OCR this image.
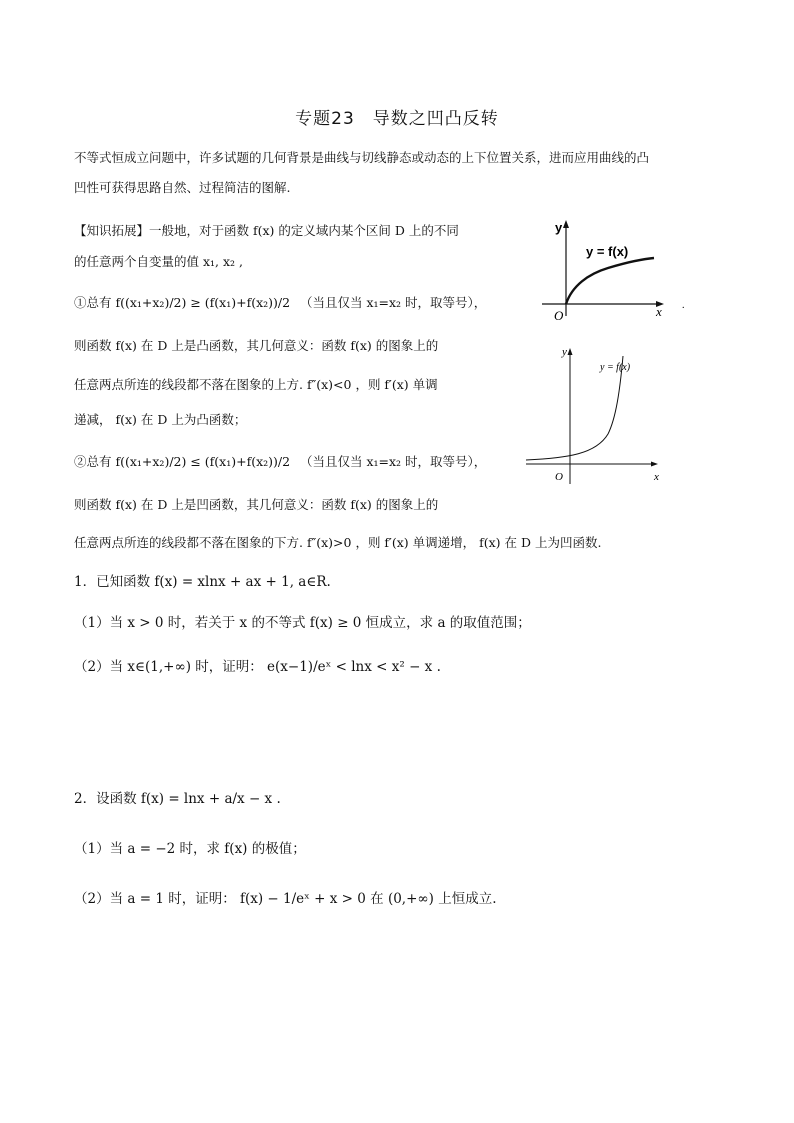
专题23　导数之凹凸反转
不等式恒成立问题中，许多试题的几何背景是曲线与切线静态或动态的上下位置关系，进而应用曲线的凸
凹性可获得思路自然、过程简洁的图解.
【知识拓展】一般地，对于函数 f(x) 的定义域内某个区间 D 上的不同
的任意两个自变量的值 x₁, x₂ ,
①总有 f((x₁+x₂)/2) ≥ (f(x₁)+f(x₂))/2 （当且仅当 x₁=x₂ 时，取等号），
则函数 f(x) 在 D 上是凸函数，其几何意义：函数 f(x) 的图象上的
任意两点所连的线段都不落在图象的上方. f″(x)<0 ，则 f′(x) 单调
递减， f(x) 在 D 上为凸函数；
②总有 f((x₁+x₂)/2) ≤ (f(x₁)+f(x₂))/2 （当且仅当 x₁=x₂ 时，取等号），
则函数 f(x) 在 D 上是凹函数，其几何意义：函数 f(x) 的图象上的
任意两点所连的线段都不落在图象的下方. f″(x)>0 ，则 f′(x) 单调递增， f(x) 在 D 上为凹函数.
y
x
O
y = f(x)
.
y
x
O
y = f(x)
1．已知函数 f(x) = xlnx + ax + 1, a∈R.
（1）当 x > 0 时，若关于 x 的不等式 f(x) ≥ 0 恒成立，求 a 的取值范围；
（2）当 x∈(1,+∞) 时，证明： e(x−1)/eˣ < lnx < x² − x .
2．设函数 f(x) = lnx + a/x − x .
（1）当 a = −2 时，求 f(x) 的极值；
（2）当 a = 1 时，证明： f(x) − 1/eˣ + x > 0 在 (0,+∞) 上恒成立.
